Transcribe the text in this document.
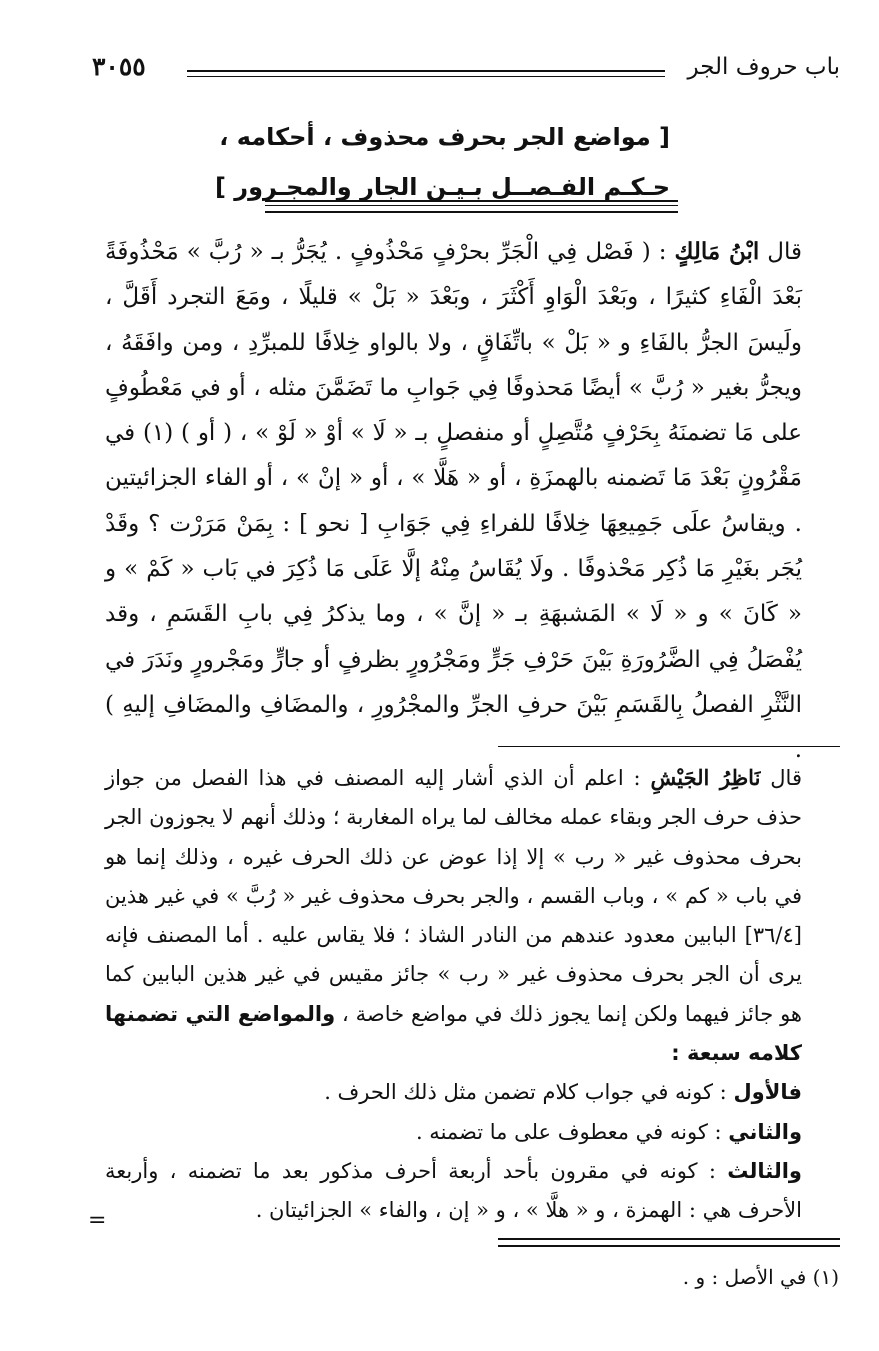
باب حروف الجر
٣٠٥٥
[ مواضع الجر بحرف محذوف ، أحكامه ،
حـكـم الفـصــل بـيـن الجار والمجـرور ]

قال ابْنُ مَالِكٍ : ( فَصْل فِي الْجَرِّ بحرْفٍ مَحْذُوفٍ . يُجَرُّ بـ « رُبَّ » مَحْذُوفَةً بَعْدَ الْفَاءِ كثيرًا ، وبَعْدَ الْوَاوِ أَكْثَرَ ، وبَعْدَ « بَلْ » قليلًا ، ومَعَ التجرد أَقَلَّ ، ولَيسَ الجرُّ بالفَاءِ و « بَلْ » باتِّفَاقٍ ، ولا بالواو خِلافًا للمبرِّدِ ، ومن وافَقَهُ ، ويجرُّ بغير « رُبَّ » أيضًا مَحذوفًا فِي جَوابِ ما تَضَمَّنَ مثله ، أو في مَعْطُوفٍ على مَا تضمنَهُ بِحَرْفٍ مُتَّصِلٍ أو منفصلٍ بـ « لَا » أوْ « لَوْ » ، ( أو ) (١) في مَقْرُونٍ بَعْدَ مَا تَضمنه بالهمزَةِ ، أو « هَلَّا » ، أو « إنْ » ، أو الفاء الجزائيتين . ويقاسُ علَى جَمِيعِهَا خِلافًا للفراءِ فِي جَوَابِ [ نحو ] : بِمَنْ مَرَرْت ؟ وقَدْ يُجَر بغَيْرِ مَا ذُكِر مَحْذوفًا . ولَا يُقَاسُ مِنْهُ إلَّا عَلَى مَا ذُكِرَ في بَاب « كَمْ » و « كَانَ » و « لَا » المَشبهَةِ بـ « إنَّ » ، وما يذكرُ فِي بابِ القَسَمِ ، وقد يُفْصَلُ فِي الضَّرُورَةِ بَيْنَ حَرْفِ جَرٍّ ومَجْرُورٍ بظرفٍ أو جارٍّ ومَجْرورٍ ونَدَرَ في النَّثْرِ الفصلُ بِالقَسَمِ بَيْنَ حرفِ الجرِّ والمجْرُورِ ، والمضَافِ والمضَافِ إليهِ ) .

قال نَاظِرُ الجَيْشِ : اعلم أن الذي أشار إليه المصنف في هذا الفصل من جواز حذف حرف الجر وبقاء عمله مخالف لما يراه المغاربة ؛ وذلك أنهم لا يجوزون الجر بحرف محذوف غير « رب » إلا إذا عوض عن ذلك الحرف غيره ، وذلك إنما هو في باب « كم » ، وباب القسم ، والجر بحرف محذوف غير « رُبَّ » في غير هذين [٣٦/٤] البابين معدود عندهم من النادر الشاذ ؛ فلا يقاس عليه . أما المصنف فإنه يرى أن الجر بحرف محذوف غير « رب » جائز مقيس في غير هذين البابين كما هو جائز فيهما ولكن إنما يجوز ذلك في مواضع خاصة ، والمواضع التي تضمنها كلامه سبعة :

فالأول : كونه في جواب كلام تضمن مثل ذلك الحرف .

والثاني : كونه في معطوف على ما تضمنه .

والثالث : كونه في مقرون بأحد أربعة أحرف مذكور بعد ما تضمنه ، وأربعة الأحرف هي : الهمزة ، و « هلَّا » ، و « إن ، والفاء » الجزائيتان .

=
(١) في الأصل : و .
